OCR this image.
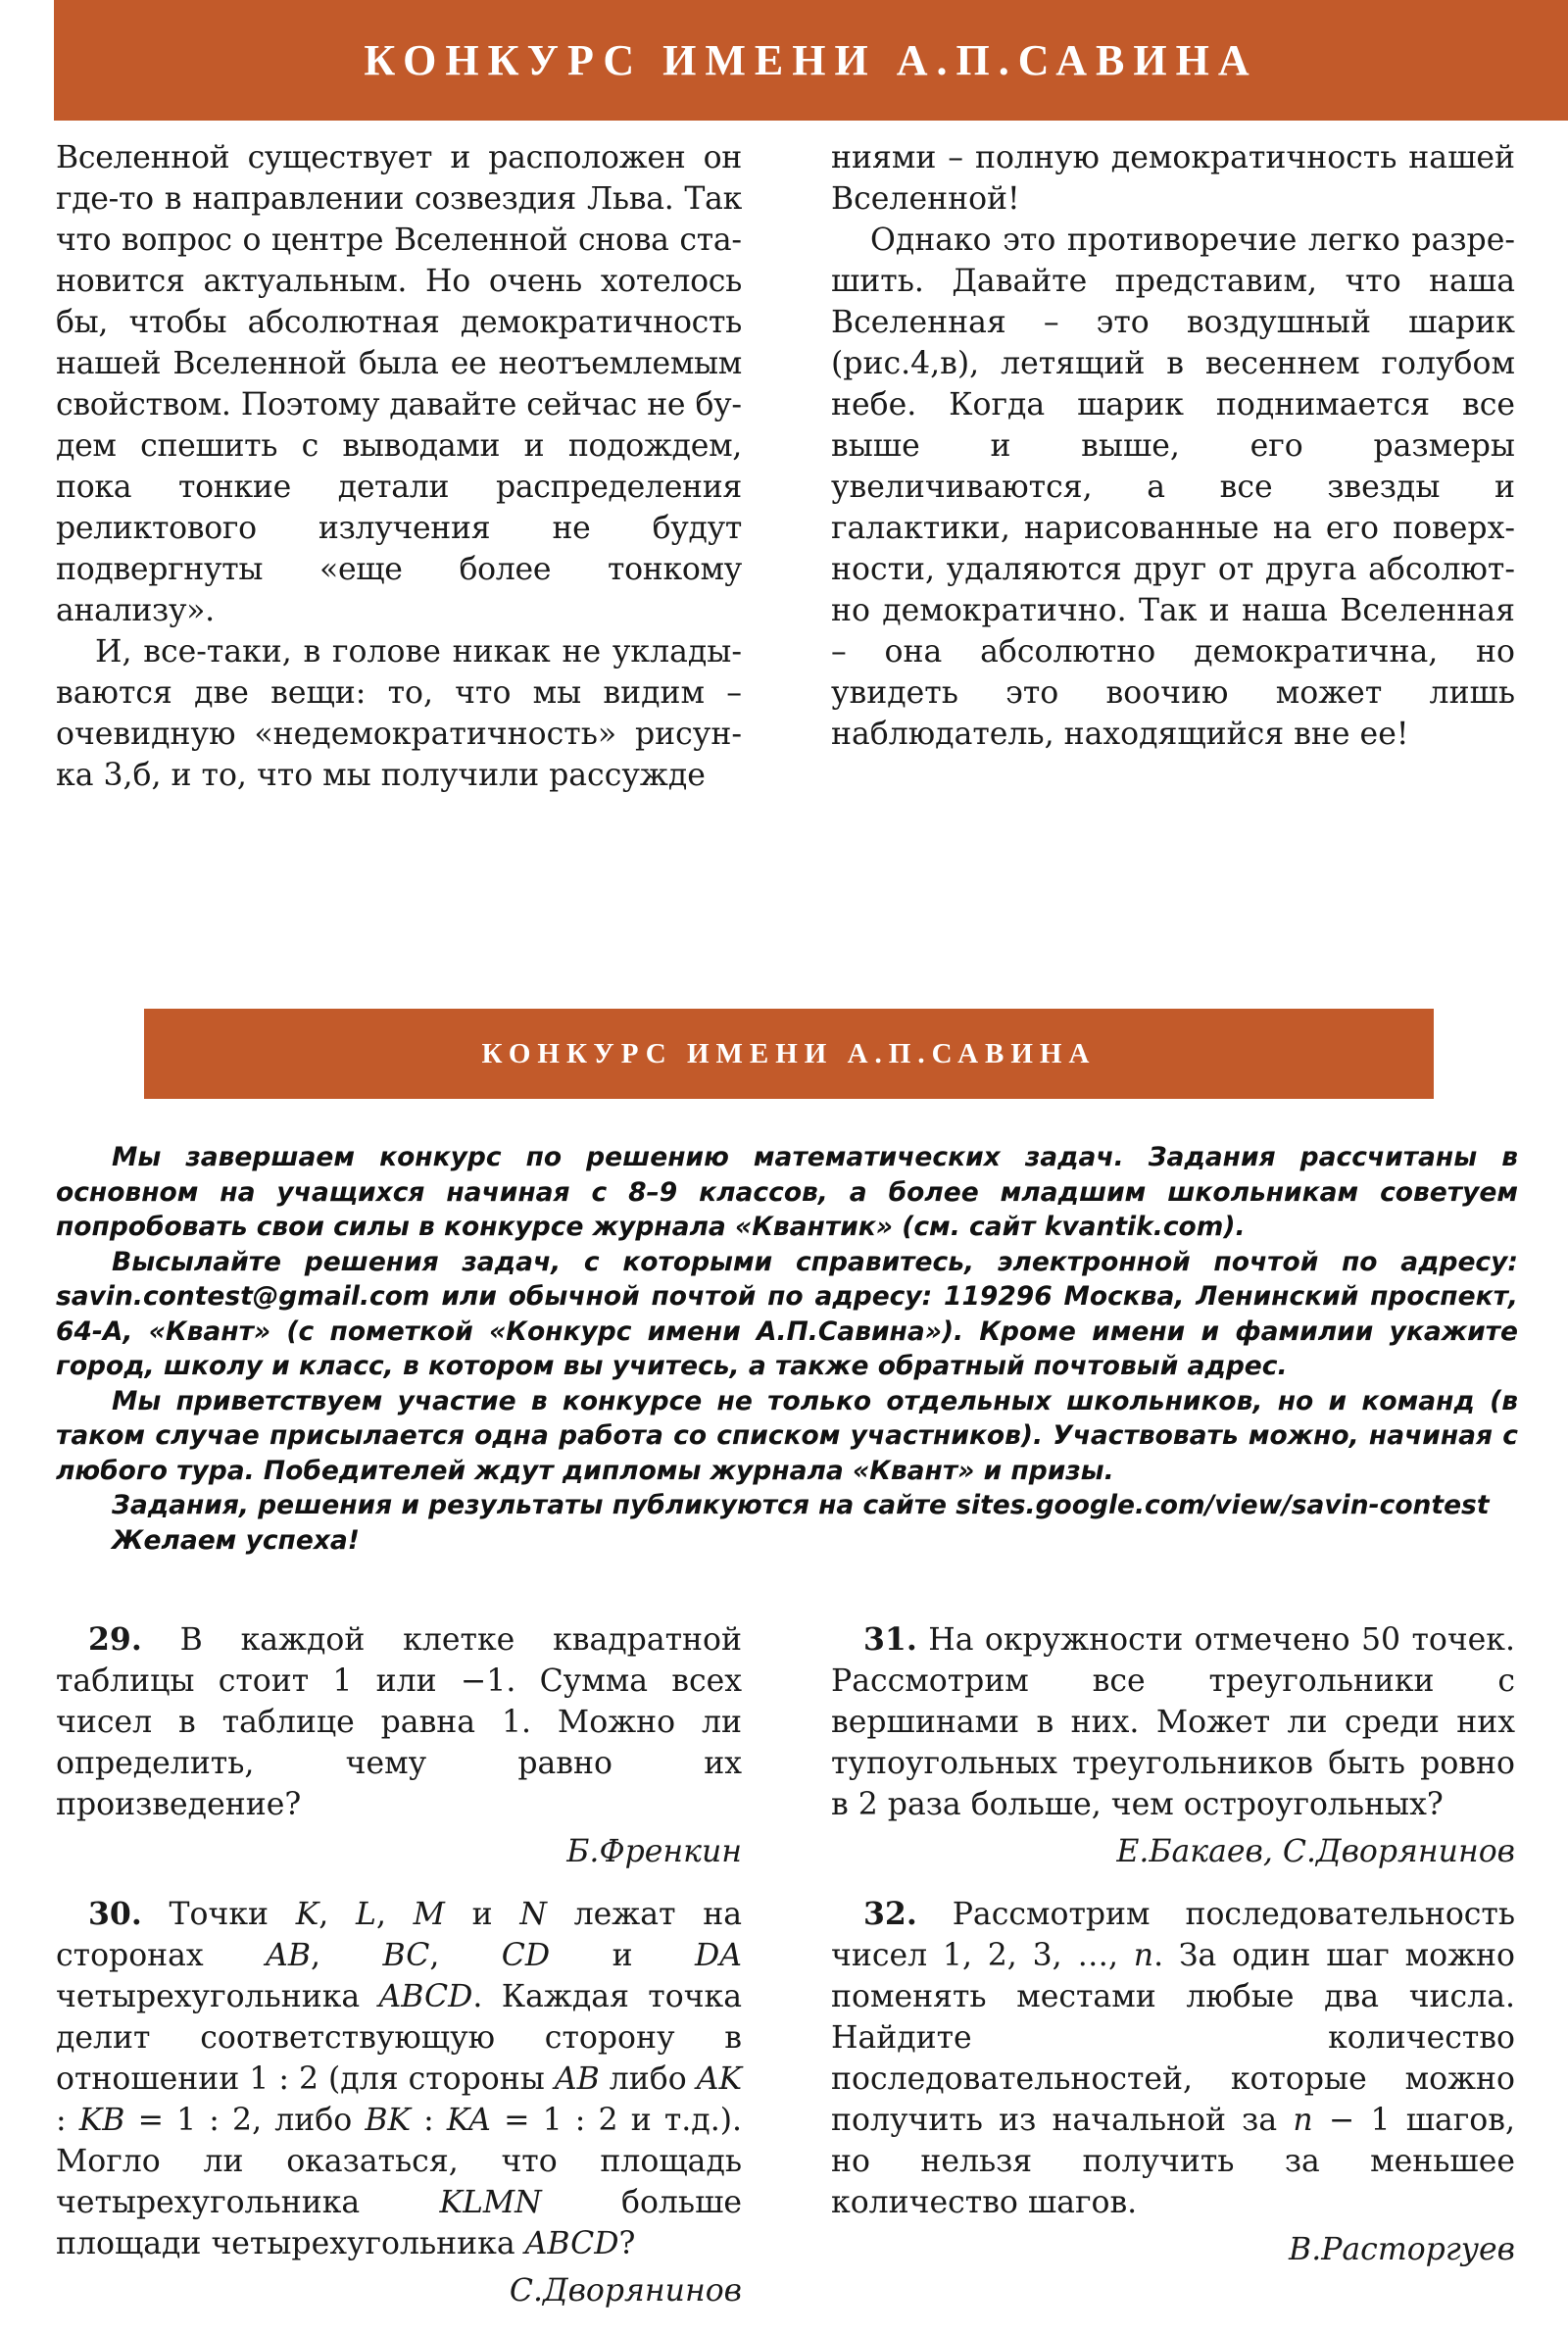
КОНКУРС ИМЕНИ А.П.САВИНА

Вселенной существует и расположен он где-то в направлении созвездия Льва. Так что вопрос о центре Вселенной снова становится актуальным. Но очень хотелось бы, чтобы абсолютная демократичность нашей Вселенной была ее неотъемлемым свойством. Поэтому давайте сейчас не будем спешить с выводами и подождем, пока тонкие детали распределения реликтового излучения не будут подвергнуты «еще более тонкому анализу».

И, все-таки, в голове никак не укладываются две вещи: то, что мы видим – очевидную «недемократичность» рисунка 3,б, и то, что мы получили рассужде

ниями – полную демократичность нашей Вселенной!

Однако это противоречие легко разрешить. Давайте представим, что наша Вселенная – это воздушный шарик (рис.4,в), летящий в весеннем голубом небе. Когда шарик поднимается все выше и выше, его размеры увеличиваются, а все звезды и галактики, нарисованные на его поверхности, удаляются друг от друга абсолютно демократично. Так и наша Вселенная – она абсолютно демократична, но увидеть это воочию может лишь наблюдатель, находящийся вне ее!

КОНКУРС ИМЕНИ А.П.САВИНА

Мы завершаем конкурс по решению математических задач. Задания рассчитаны в основном на учащихся начиная с 8–9 классов, а более младшим школьникам советуем попробовать свои силы в конкурсе журнала «Квантик» (см. сайт kvantik.com).

Высылайте решения задач, с которыми справитесь, электронной почтой по адресу: savin.contest@gmail.com или обычной почтой по адресу: 119296 Москва, Ленинский проспект, 64-А, «Квант» (с пометкой «Конкурс имени А.П.Савина»). Кроме имени и фамилии укажите город, школу и класс, в котором вы учитесь, а также обратный почтовый адрес.

Мы приветствуем участие в конкурсе не только отдельных школьников, но и команд (в таком случае присылается одна работа со списком участников). Участвовать можно, начиная с любого тура. Победителей ждут дипломы журнала «Квант» и призы.

Задания, решения и результаты публикуются на сайте sites.google.com/view/savin-contest

Желаем успеха!

29. В каждой клетке квадратной таблицы стоит 1 или −1. Сумма всех чисел в таблице равна 1. Можно ли определить, чему равно их произведение?

Б.Френкин

30. Точки K, L, M и N лежат на сторонах AB, BC, CD и DA четырехугольника ABCD. Каждая точка делит соответствующую сторону в отношении 1 : 2 (для стороны AB либо AK : KB = 1 : 2, либо BK : KA = 1 : 2 и т.д.). Могло ли оказаться, что площадь четырехугольника KLMN больше площади четырехугольника ABCD?

С.Дворянинов

31. На окружности отмечено 50 точек. Рассмотрим все треугольники с вершинами в них. Может ли среди них тупоугольных треугольников быть ровно в 2 раза больше, чем остроугольных?

Е.Бакаев, С.Дворянинов

32. Рассмотрим последовательность чисел 1, 2, 3, …, n. За один шаг можно поменять местами любые два числа. Найдите количество последовательностей, которые можно получить из начальной за n − 1 шагов, но нельзя получить за меньшее количество шагов.

В.Расторгуев
